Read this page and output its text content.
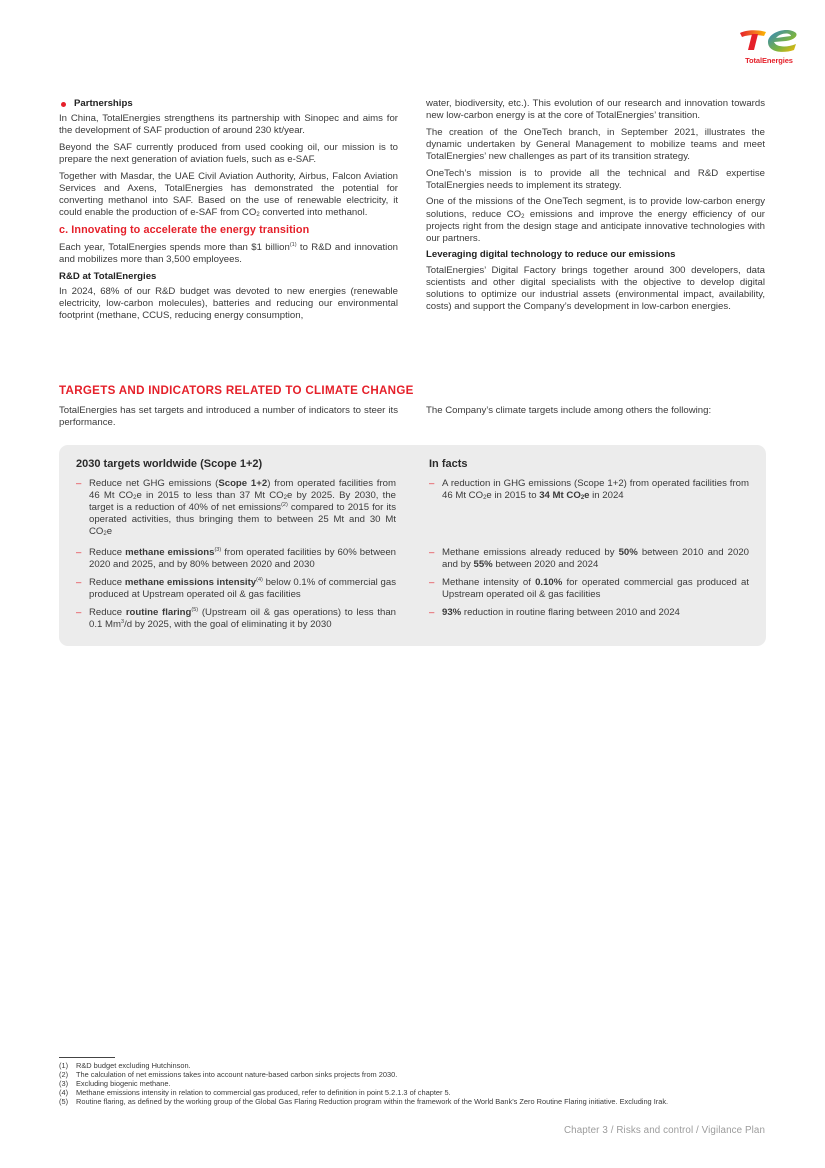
TotalEnergies
Partnerships

In China, TotalEnergies strengthens its partnership with Sinopec and aims for the development of SAF production of around 230 kt/year.

Beyond the SAF currently produced from used cooking oil, our mission is to prepare the next generation of aviation fuels, such as e-SAF.

Together with Masdar, the UAE Civil Aviation Authority, Airbus, Falcon Aviation Services and Axens, TotalEnergies has demonstrated the potential for converting methanol into SAF. Based on the use of renewable electricity, it could enable the production of e-SAF from $CO_2$ converted into methanol.

c. Innovating to accelerate the energy transition

Each year, TotalEnergies spends more than $1 billion$^{(1)}$ to R&D and innovation and mobilizes more than 3,500 employees.

R&D at TotalEnergies

In 2024, 68% of our R&D budget was devoted to new energies (renewable electricity, low-carbon molecules), batteries and reducing our environmental footprint (methane, CCUS, reducing energy consumption,

water, biodiversity, etc.). This evolution of our research and innovation towards new low-carbon energy is at the core of TotalEnergies’ transition.

The creation of the OneTech branch, in September 2021, illustrates the dynamic undertaken by General Management to mobilize teams and meet TotalEnergies’ new challenges as part of its transition strategy.

OneTech’s mission is to provide all the technical and R&D expertise TotalEnergies needs to implement its strategy.

One of the missions of the OneTech segment, is to provide low-carbon energy solutions, reduce $CO_2$ emissions and improve the energy efficiency of our projects right from the design stage and anticipate innovative technologies with our partners.

Leveraging digital technology to reduce our emissions

TotalEnergies’ Digital Factory brings together around 300 developers, data scientists and other digital specialists with the objective to develop digital solutions to optimize our industrial assets (environmental impact, availability, costs) and support the Company’s development in low-carbon energies.

TARGETS AND INDICATORS RELATED TO CLIMATE CHANGE

TotalEnergies has set targets and introduced a number of indicators to steer its performance.

The Company’s climate targets include among others the following:

2030 targets worldwide (Scope 1+2)	In facts
– Reduce net GHG emissions (Scope 1+2) from operated facilities from 46 Mt $CO_2e$ in 2015 to less than 37 Mt $CO_2e$ by 2025. By 2030, the target is a reduction of 40% of net emissions$^{(2)}$ compared to 2015 for its operated activities, thus bringing them to between 25 Mt and 30 Mt $CO_2e$

– Reduce methane emissions$^{(3)}$ from operated facilities by 60% between 2020 and 2025, and by 80% between 2020 and 2030

– Reduce methane emissions intensity$^{(4)}$ below 0.1% of commercial gas produced at Upstream operated oil & gas facilities

– Reduce routine flaring$^{(5)}$ (Upstream oil & gas operations) to less than 0.1 Mm$^3$/d by 2025, with the goal of eliminating it by 2030

– A reduction in GHG emissions (Scope 1+2) from operated facilities from 46 Mt $CO_2e$ in 2015 to 34 Mt $CO_2e$ in 2024

– Methane emissions already reduced by 50% between 2010 and 2020 and by 55% between 2020 and 2024

– Methane intensity of 0.10% for operated commercial gas produced at Upstream operated oil & gas facilities

– 93% reduction in routine flaring between 2010 and 2024

(1) R&D budget excluding Hutchinson.
(2) The calculation of net emissions takes into account nature-based carbon sinks projects from 2030.
(3) Excluding biogenic methane.
(4) Methane emissions intensity in relation to commercial gas produced, refer to definition in point 5.2.1.3 of chapter 5.
(5) Routine flaring, as defined by the working group of the Global Gas Flaring Reduction program within the framework of the World Bank’s Zero Routine Flaring initiative. Excluding Irak.
Chapter 3 / Risks and control / Vigilance Plan
